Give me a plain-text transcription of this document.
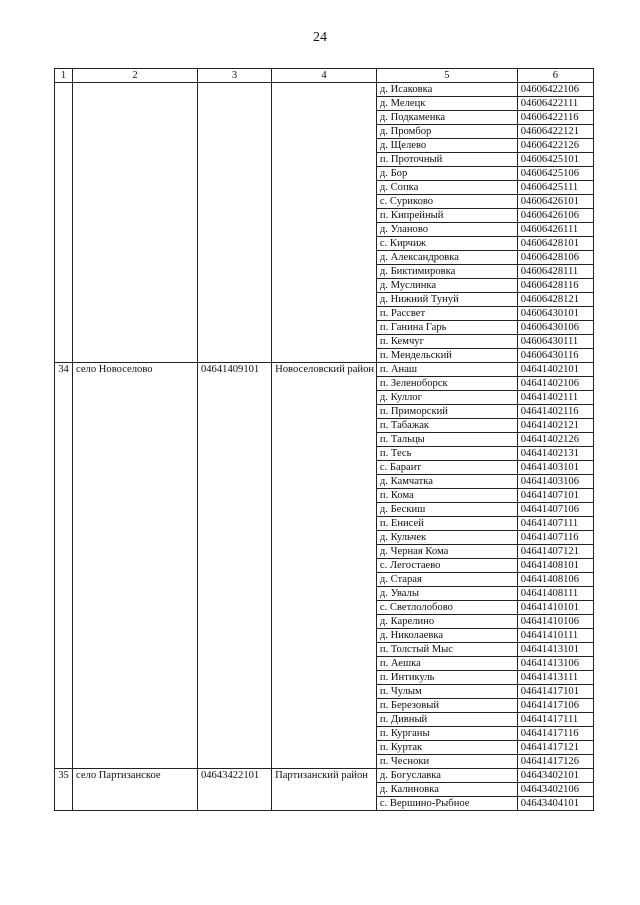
24
1	2	3	4	5	6
				д. Исаковка	04606422106
				д. Мелецк	04606422111
				д. Подкаменка	04606422116
				д. Промбор	04606422121
				д. Щелево	04606422126
				п. Проточный	04606425101
				д. Бор	04606425106
				д. Сопка	04606425111
				с. Суриково	04606426101
				п. Кипрейный	04606426106
				д. Уланово	04606426111
				с. Кирчиж	04606428101
				д. Александровка	04606428106
				д. Биктимировка	04606428111
				д. Муслинка	04606428116
				д. Нижний Тунуй	04606428121
				п. Рассвет	04606430101
				п. Ганина Гарь	04606430106
				п. Кемчуг	04606430111
				п. Мендельский	04606430116
34	село Новоселово	04641409101	Новоселовский район	п. Анаш	04641402101
				п. Зеленоборск	04641402106
				д. Куллог	04641402111
				п. Приморский	04641402116
				п. Табажак	04641402121
				п. Тальцы	04641402126
				п. Тесь	04641402131
				с. Бараит	04641403101
				д. Камчатка	04641403106
				п. Кома	04641407101
				д. Бескиш	04641407106
				п. Енисей	04641407111
				д. Кульчек	04641407116
				д. Черная Кома	04641407121
				с. Легостаево	04641408101
				д. Старая	04641408106
				д. Увалы	04641408111
				с. Светлолобово	04641410101
				д. Карелино	04641410106
				д. Николаевка	04641410111
				п. Толстый Мыс	04641413101
				п. Аешка	04641413106
				п. Интикуль	04641413111
				п. Чулым	04641417101
				п. Березовый	04641417106
				п. Дивный	04641417111
				п. Курганы	04641417116
				п. Куртак	04641417121
				п. Чесноки	04641417126
35	село Партизанское	04643422101	Партизанский район	д. Богуславка	04643402101
				д. Калиновка	04643402106
				с. Вершино-Рыбное	04643404101
